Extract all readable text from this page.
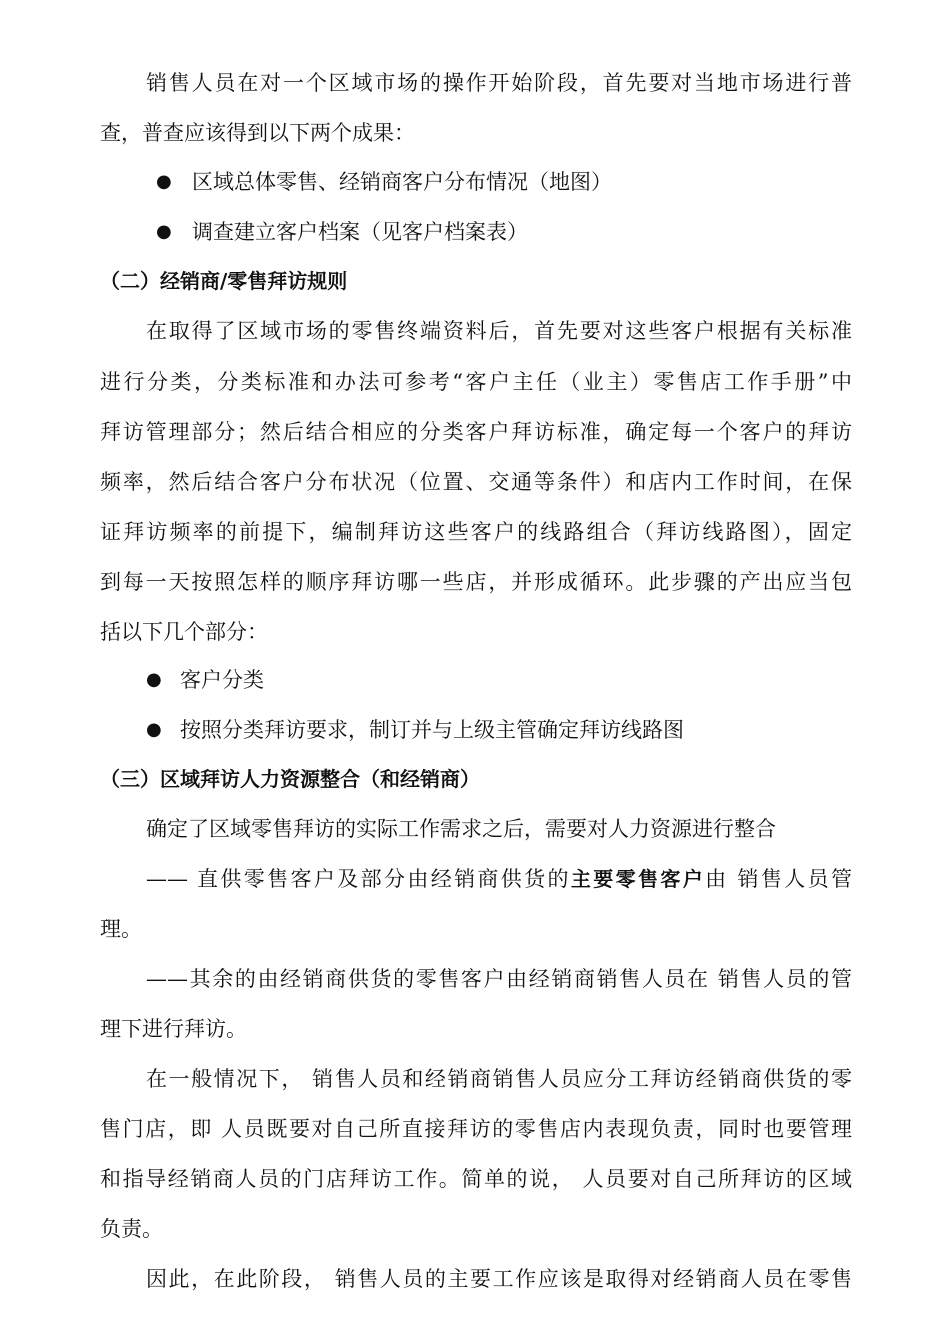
销售人员在对一个区域市场的操作开始阶段，首先要对当地市场进行普
查，普查应该得到以下两个成果：
● 区域总体零售、经销商客户分布情况（地图）
● 调查建立客户档案（见客户档案表）
（二）经销商/零售拜访规则
在取得了区域市场的零售终端资料后，首先要对这些客户根据有关标准
进行分类，分类标准和办法可参考“客户主任（业主）零售店工作手册”中
拜访管理部分；然后结合相应的分类客户拜访标准，确定每一个客户的拜访
频率，然后结合客户分布状况（位置、交通等条件）和店内工作时间，在保
证拜访频率的前提下，编制拜访这些客户的线路组合（拜访线路图），固定
到每一天按照怎样的顺序拜访哪一些店，并形成循环。此步骤的产出应当包
括以下几个部分：
● 客户分类
● 按照分类拜访要求，制订并与上级主管确定拜访线路图
（三）区域拜访人力资源整合（和经销商）
确定了区域零售拜访的实际工作需求之后，需要对人力资源进行整合
—— 直供零售客户及部分由经销商供货的主要零售客户由 销售人员管
理。
——其余的由经销商供货的零售客户由经销商销售人员在 销售人员的管
理下进行拜访。
在一般情况下， 销售人员和经销商销售人员应分工拜访经销商供货的零
售门店，即 人员既要对自己所直接拜访的零售店内表现负责，同时也要管理
和指导经销商人员的门店拜访工作。简单的说， 人员要对自己所拜访的区域
负责。
因此，在此阶段， 销售人员的主要工作应该是取得对经销商人员在零售
